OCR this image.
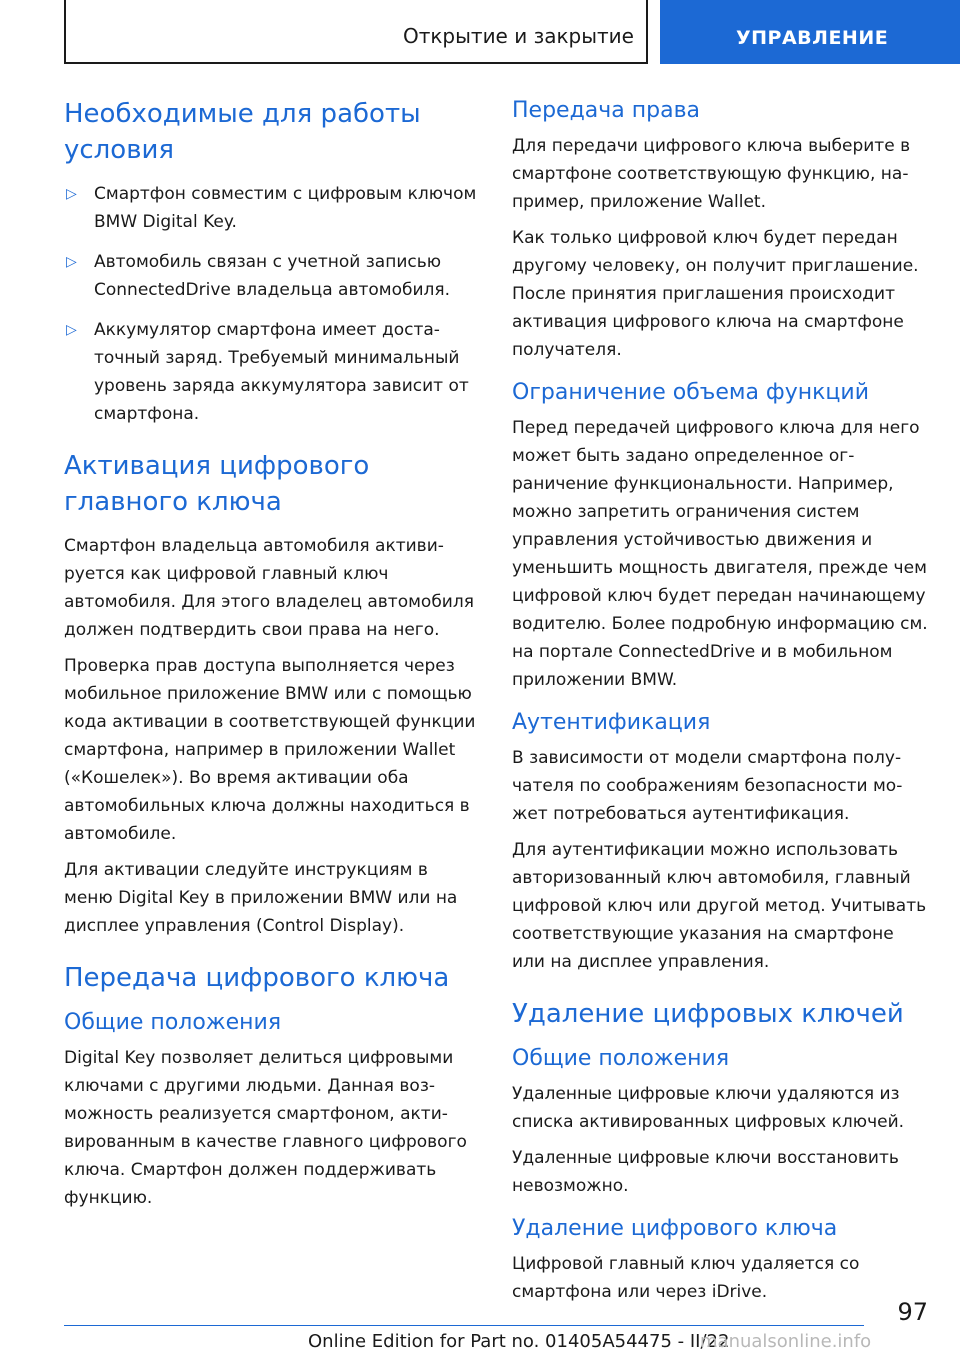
Открытие и закрытие	УПРАВЛЕНИЕ
Необходимые для работы условия
▷ Смартфон совместим с цифровым ключом BMW Digital Key.
▷ Автомобиль связан с учетной записью ConnectedDrive владельца автомобиля.
▷ Аккумулятор смартфона имеет достаточный заряд. Требуемый минимальный уровень заряда аккумулятора зависит от смартфона.
Активация цифрового главного ключа

Смартфон владельца автомобиля активируется как цифровой главный ключ автомобиля. Для этого владелец автомобиля должен подтвердить свои права на него.

Проверка прав доступа выполняется через мобильное приложение BMW или с помощью кода активации в соответствующей функции смартфона, например в приложении Wallet («Кошелек»). Во время активации оба автомобильных ключа должны находиться в автомобиле.

Для активации следуйте инструкциям в меню Digital Key в приложении BMW или на дисплее управления (Control Display).

Передача цифрового ключа
Общие положения

Digital Key позволяет делиться цифровыми ключами с другими людьми. Данная возможность реализуется смартфоном, активированным в качестве главного цифрового ключа. Смартфон должен поддерживать функцию.

Передача права

Для передачи цифрового ключа выберите в смартфоне соответствующую функцию, например, приложение Wallet.

Как только цифровой ключ будет передан другому человеку, он получит приглашение. После принятия приглашения происходит активация цифрового ключа на смартфоне получателя.

Ограничение объема функций

Перед передачей цифрового ключа для него может быть задано определенное ограничение функциональности. Например, можно запретить ограничения систем управления устойчивостью движения и уменьшить мощность двигателя, прежде чем цифровой ключ будет передан начинающему водителю. Более подробную информацию см. на портале ConnectedDrive и в мобильном приложении BMW.

Аутентификация

В зависимости от модели смартфона получателя по соображениям безопасности может потребоваться аутентификация.

Для аутентификации можно использовать авторизованный ключ автомобиля, главный цифровой ключ или другой метод. Учитывать соответствующие указания на смартфоне или на дисплее управления.

Удаление цифровых ключей
Общие положения

Удаленные цифровые ключи удаляются из списка активированных цифровых ключей.

Удаленные цифровые ключи восстановить невозможно.

Удаление цифрового ключа

Цифровой главный ключ удаляется со смартфона или через iDrive.

97
Online Edition for Part no. 01405A54475 - II/22
manualsonline.info
